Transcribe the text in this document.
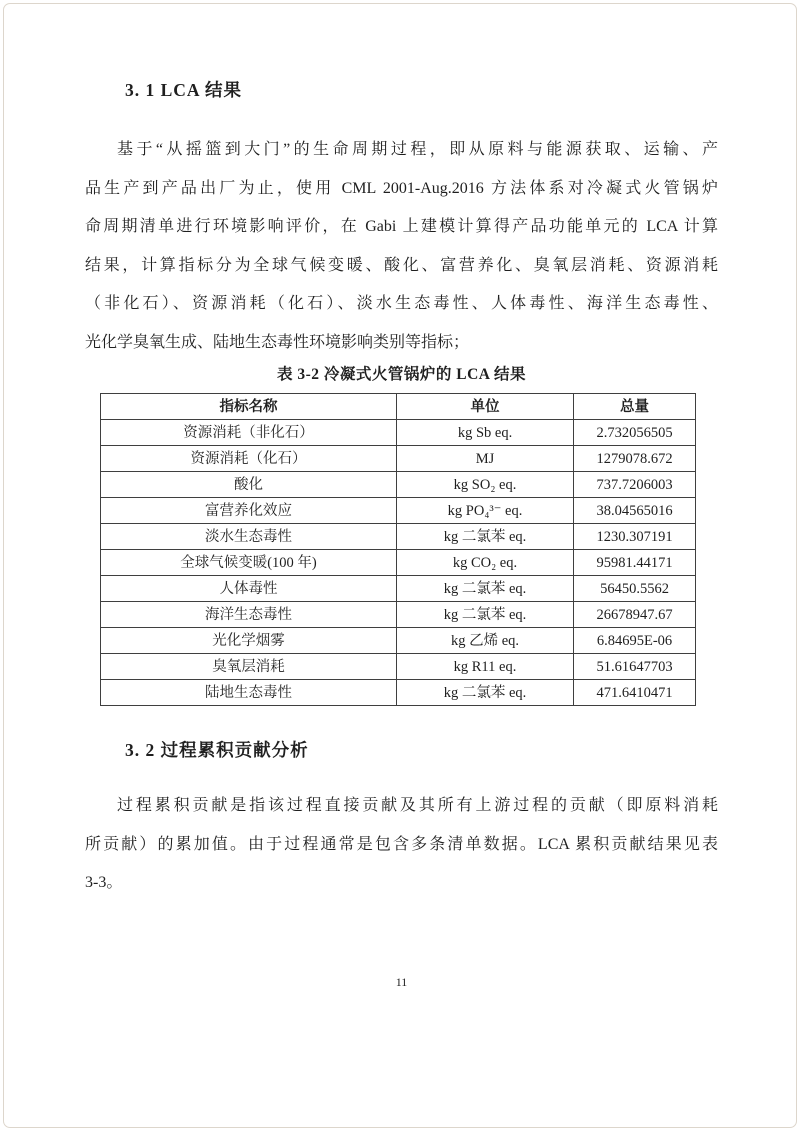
3. 1 LCA 结果
基于“从摇篮到大门”的生命周期过程，即从原料与能源获取、运输、产
品生产到产品出厂为止，使用 CML 2001-Aug.2016 方法体系对冷凝式火管锅炉
命周期清单进行环境影响评价，在 Gabi 上建模计算得产品功能单元的 LCA 计算
结果，计算指标分为全球气候变暖、酸化、富营养化、臭氧层消耗、资源消耗
（非化石）、资源消耗（化石）、淡水生态毒性、人体毒性、海洋生态毒性、
光化学臭氧生成、陆地生态毒性环境影响类别等指标；
表 3-2 冷凝式火管锅炉的 LCA 结果
指标名称	单位	总量
资源消耗（非化石）	kg Sb eq.	2.732056505
资源消耗（化石）	MJ	1279078.672
酸化	kg SO₂ eq.	737.7206003
富营养化效应	kg PO₄³⁻ eq.	38.04565016
淡水生态毒性	kg 二氯苯 eq.	1230.307191
全球气候变暖(100 年)	kg CO₂ eq.	95981.44171
人体毒性	kg 二氯苯 eq.	56450.5562
海洋生态毒性	kg 二氯苯 eq.	26678947.67
光化学烟雾	kg 乙烯 eq.	6.84695E-06
臭氧层消耗	kg R11 eq.	51.61647703
陆地生态毒性	kg 二氯苯 eq.	471.6410471
3. 2 过程累积贡献分析
过程累积贡献是指该过程直接贡献及其所有上游过程的贡献（即原料消耗
所贡献）的累加值。由于过程通常是包含多条清单数据。LCA 累积贡献结果见表
3-3。
11
